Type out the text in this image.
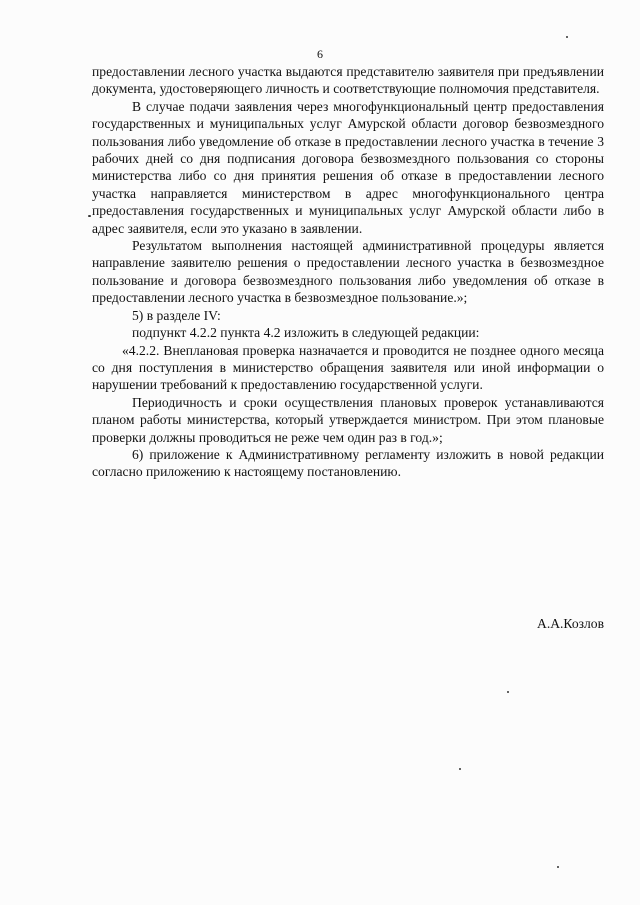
6

предоставлении лесного участка выдаются представителю заявителя при предъявлении документа, удостоверяющего личность и соответствующие полномочия представителя.

В случае подачи заявления через многофункциональный центр предоставления государственных и муниципальных услуг Амурской области договор безвозмездного пользования либо уведомление об отказе в предоставлении лесного участка в течение 3 рабочих дней со дня подписания договора безвозмездного пользования со стороны министерства либо со дня принятия решения об отказе в предоставлении лесного участка направляется министерством в адрес многофункционального центра предоставления государственных и муниципальных услуг Амурской области либо в адрес заявителя, если это указано в заявлении.

Результатом выполнения настоящей административной процедуры является направление заявителю решения о предоставлении лесного участка в безвозмездное пользование и договора безвозмездного пользования либо уведомления об отказе в предоставлении лесного участка в безвозмездное пользование.»;

5) в разделе IV:

подпункт 4.2.2 пункта 4.2 изложить в следующей редакции:

«4.2.2. Внеплановая проверка назначается и проводится не позднее одного месяца со дня поступления в министерство обращения заявителя или иной информации о нарушении требований к предоставлению государственной услуги.

Периодичность и сроки осуществления плановых проверок устанавливаются планом работы министерства, который утверждается министром. При этом плановые проверки должны проводиться не реже чем один раз в год.»;

6) приложение к Административному регламенту изложить в новой редакции согласно приложению к настоящему постановлению.

А.А.Козлов
